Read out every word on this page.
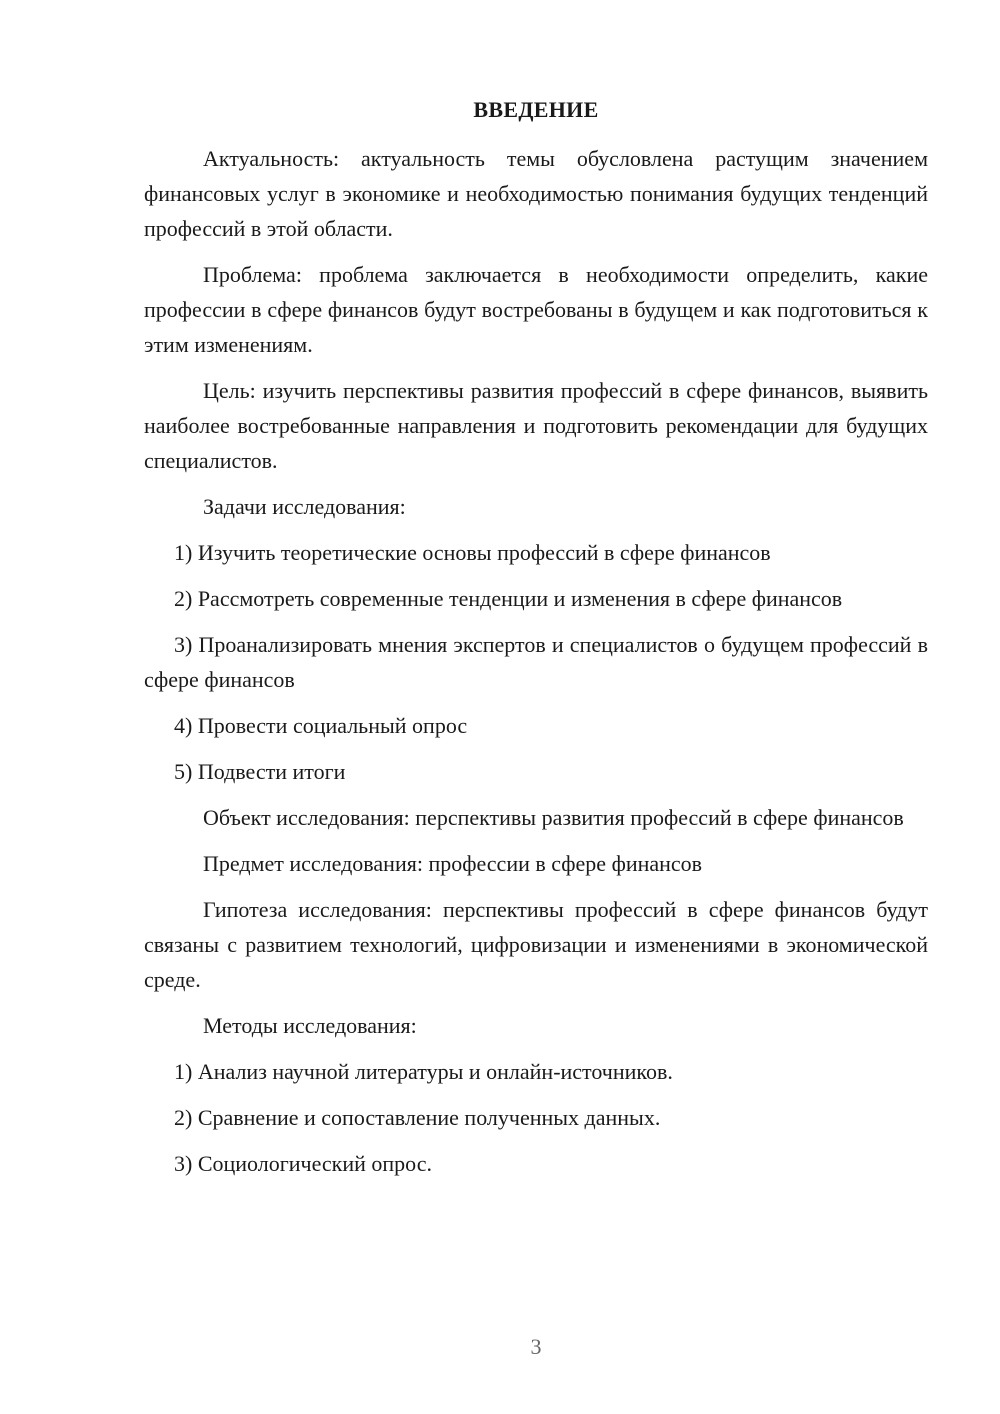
ВВЕДЕНИЕ

Актуальность: актуальность темы обусловлена растущим значением финансовых услуг в экономике и необходимостью понимания будущих тенденций профессий в этой области.

Проблема: проблема заключается в необходимости определить, какие профессии в сфере финансов будут востребованы в будущем и как подготовиться к этим изменениям.

Цель: изучить перспективы развития профессий в сфере финансов, выявить наиболее востребованные направления и подготовить рекомендации для будущих специалистов.

Задачи исследования:

1) Изучить теоретические основы профессий в сфере финансов

2) Рассмотреть современные тенденции и изменения в сфере финансов

3) Проанализировать мнения экспертов и специалистов о будущем профессий в сфере финансов

4) Провести социальный опрос

5) Подвести итоги

Объект исследования: перспективы развития профессий в сфере финансов

Предмет исследования: профессии в сфере финансов

Гипотеза исследования: перспективы профессий в сфере финансов будут связаны с развитием технологий, цифровизации и изменениями в экономической среде.

Методы исследования:

1) Анализ научной литературы и онлайн-источников.

2) Сравнение и сопоставление полученных данных.

3) Социологический опрос.

3
